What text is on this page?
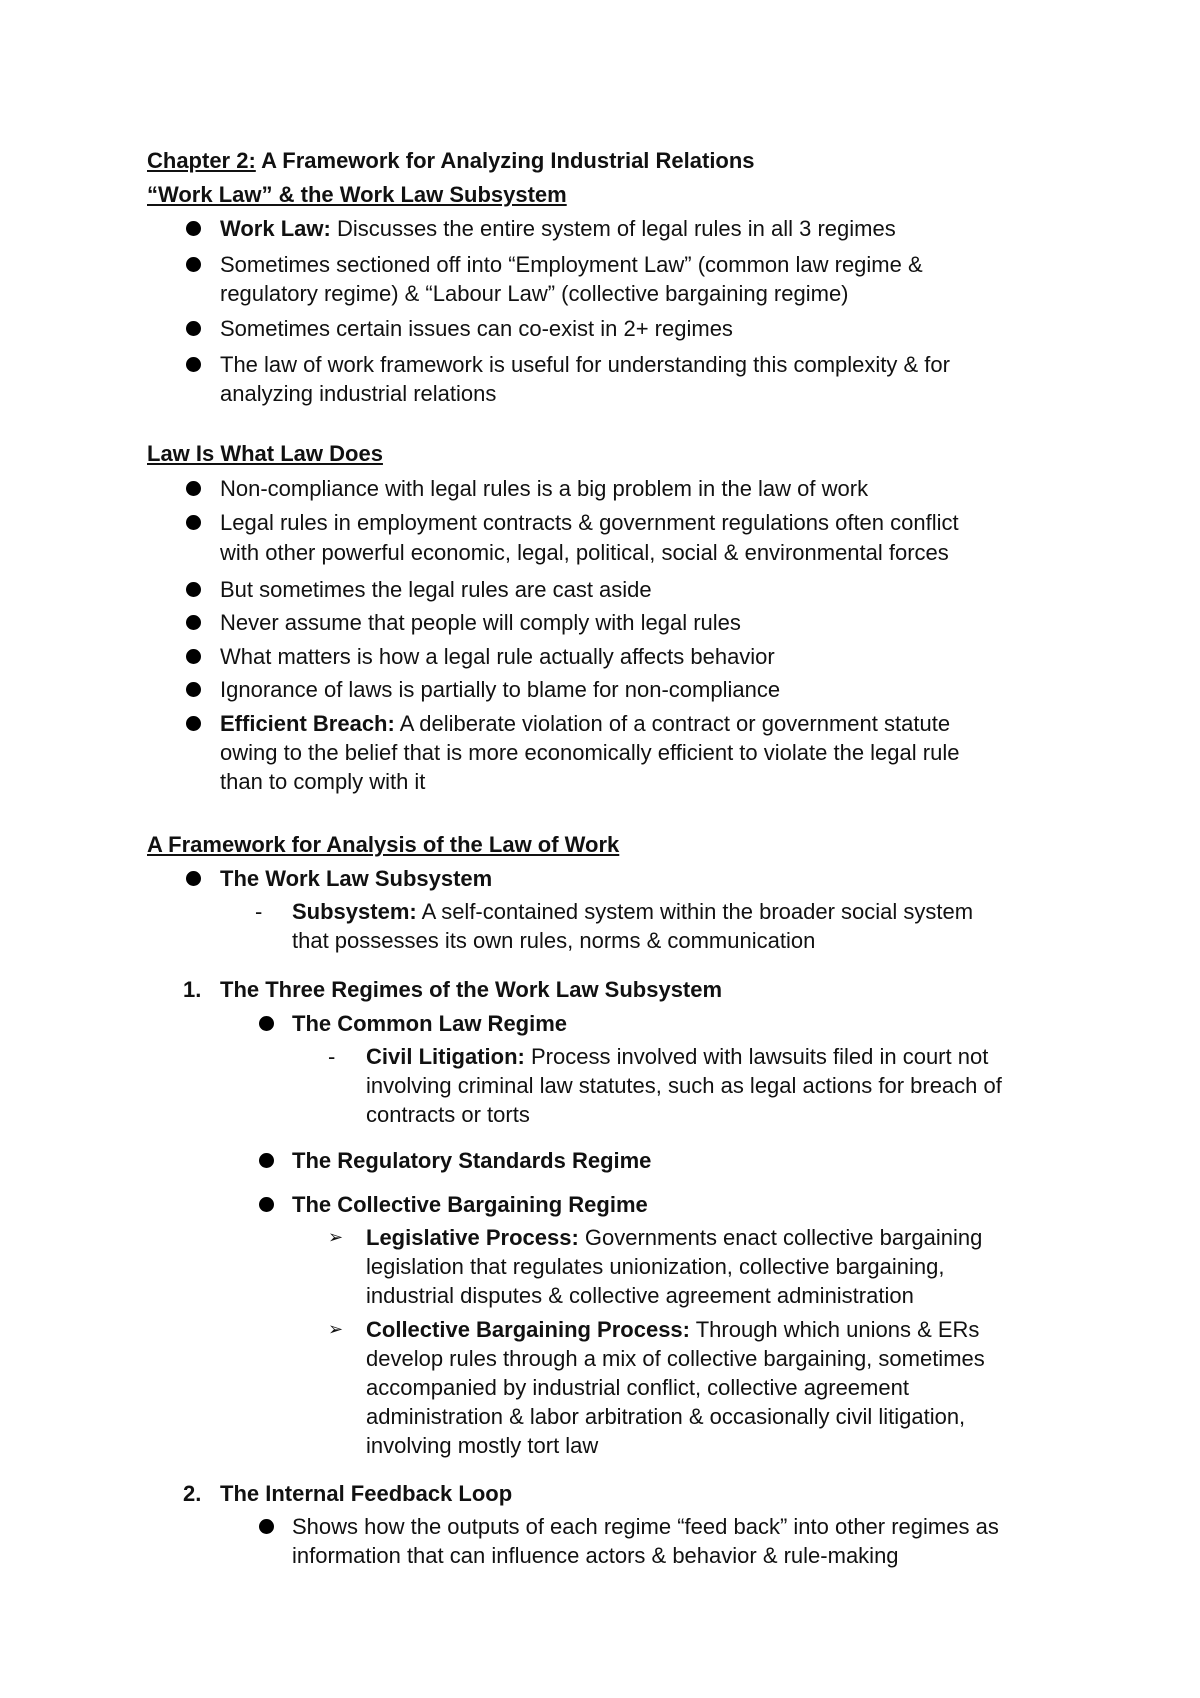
Chapter 2: A Framework for Analyzing Industrial Relations
“Work Law” & the Work Law Subsystem
Work Law: Discusses the entire system of legal rules in all 3 regimes
Sometimes sectioned off into “Employment Law” (common law regime &
regulatory regime) & “Labour Law” (collective bargaining regime)
Sometimes certain issues can co-exist in 2+ regimes
The law of work framework is useful for understanding this complexity & for
analyzing industrial relations
Law Is What Law Does
Non-compliance with legal rules is a big problem in the law of work
Legal rules in employment contracts & government regulations often conflict
with other powerful economic, legal, political, social & environmental forces
But sometimes the legal rules are cast aside
Never assume that people will comply with legal rules
What matters is how a legal rule actually affects behavior
Ignorance of laws is partially to blame for non-compliance
Efficient Breach: A deliberate violation of a contract or government statute
owing to the belief that is more economically efficient to violate the legal rule
than to comply with it
A Framework for Analysis of the Law of Work
The Work Law Subsystem
- Subsystem: A self-contained system within the broader social system
that possesses its own rules, norms & communication
1. The Three Regimes of the Work Law Subsystem
The Common Law Regime
- Civil Litigation: Process involved with lawsuits filed in court not
involving criminal law statutes, such as legal actions for breach of
contracts or torts
The Regulatory Standards Regime
The Collective Bargaining Regime
➢ Legislative Process: Governments enact collective bargaining
legislation that regulates unionization, collective bargaining,
industrial disputes & collective agreement administration
➢ Collective Bargaining Process: Through which unions & ERs
develop rules through a mix of collective bargaining, sometimes
accompanied by industrial conflict, collective agreement
administration & labor arbitration & occasionally civil litigation,
involving mostly tort law
2. The Internal Feedback Loop
Shows how the outputs of each regime “feed back” into other regimes as
information that can influence actors & behavior & rule-making
